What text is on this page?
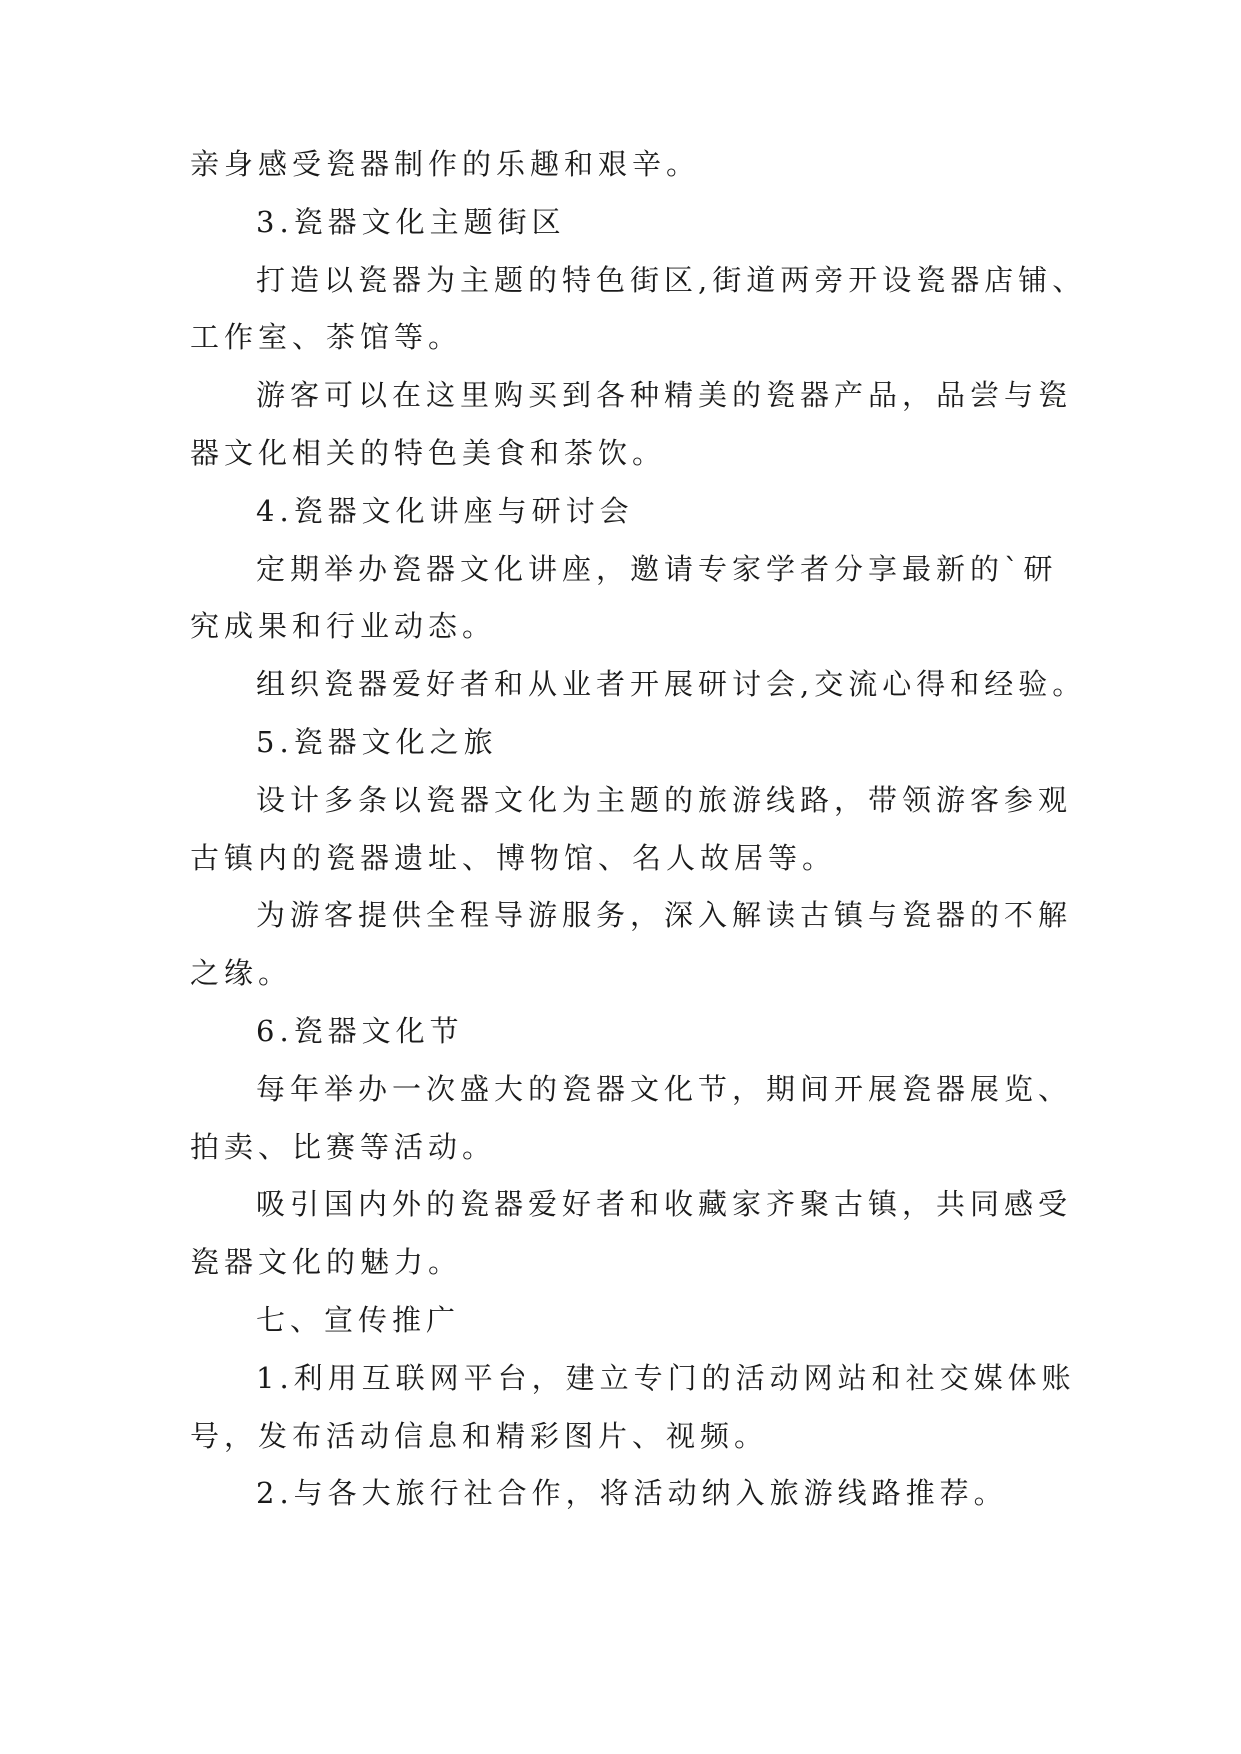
亲身感受瓷器制作的乐趣和艰辛。
3.瓷器文化主题街区
打造以瓷器为主题的特色街区,街道两旁开设瓷器店铺、
工作室、茶馆等。
游客可以在这里购买到各种精美的瓷器产品，品尝与瓷
器文化相关的特色美食和茶饮。
4.瓷器文化讲座与研讨会
定期举办瓷器文化讲座，邀请专家学者分享最新的`研
究成果和行业动态。
组织瓷器爱好者和从业者开展研讨会,交流心得和经验。
5.瓷器文化之旅
设计多条以瓷器文化为主题的旅游线路，带领游客参观
古镇内的瓷器遗址、博物馆、名人故居等。
为游客提供全程导游服务，深入解读古镇与瓷器的不解
之缘。
6.瓷器文化节
每年举办一次盛大的瓷器文化节，期间开展瓷器展览、
拍卖、比赛等活动。
吸引国内外的瓷器爱好者和收藏家齐聚古镇，共同感受
瓷器文化的魅力。
七、宣传推广
1.利用互联网平台，建立专门的活动网站和社交媒体账
号，发布活动信息和精彩图片、视频。
2.与各大旅行社合作，将活动纳入旅游线路推荐。
